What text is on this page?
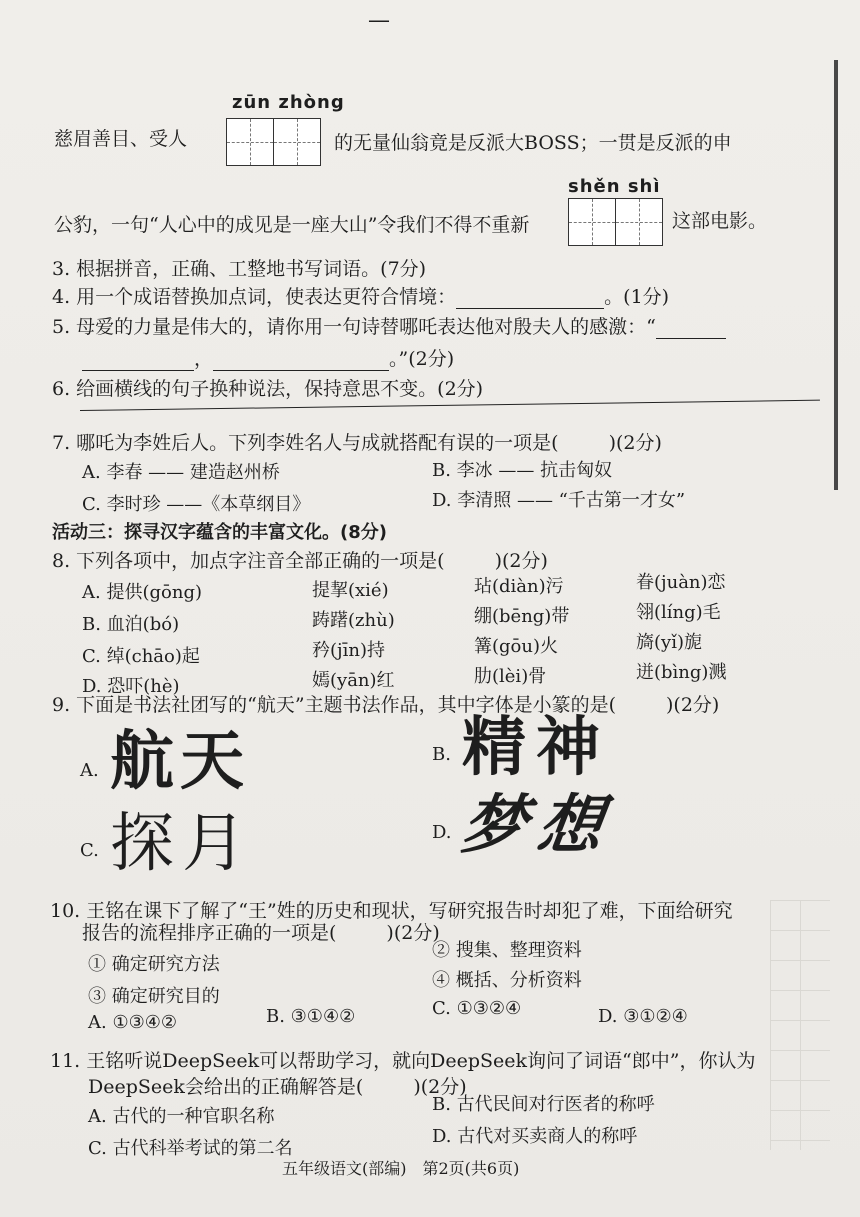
—
zūn zhòng
慈眉善目、受人	的无量仙翁竟是反派大BOSS；一贯是反派的申
shěn shì
公豹，一句“人心中的成见是一座大山”令我们不得不重新	这部电影。
3. 根据拼音，正确、工整地书写词语。(7分)
4. 用一个成语替换加点词，使表达更符合情境：	。(1分)
5. 母爱的力量是伟大的，请你用一句诗替哪吒表达他对殷夫人的感激：“
，	。”(2分)
6. 给画横线的句子换种说法，保持意思不变。(2分)
7. 哪吒为李姓后人。下列李姓名人与成就搭配有误的一项是(	)(2分)
A. 李春 —— 建造赵州桥	B. 李冰 —— 抗击匈奴
C. 李时珍 ——《本草纲目》	D. 李清照 —— “千古第一才女”
活动三：探寻汉字蕴含的丰富文化。(8分)
8. 下列各项中，加点字注音全部正确的一项是(	)(2分)
A. 提供(gōng)	提挈(xié)	玷(diàn)污	眷(juàn)恋
B. 血泊(bó)	踌躇(zhù)	绷(bēng)带	翎(líng)毛
C. 绰(chāo)起	矜(jīn)持	篝(gōu)火	旖(yǐ)旎
D. 恐吓(hè)	嫣(yān)红	肋(lèi)骨	迸(bìng)溅
9. 下面是书法社团写的“航天”主题书法作品，其中字体是小篆的是(	)(2分)
A. 航天	B. 精神
C. 探月	D. 梦想
10. 王铭在课下了解了“王”姓的历史和现状，写研究报告时却犯了难，下面给研究
报告的流程排序正确的一项是(	)(2分)
① 确定研究方法
② 搜集、整理资料
③ 确定研究目的
④ 概括、分析资料
A. ①③④②	B. ③①④②	C. ①③②④	D. ③①②④
11. 王铭听说DeepSeek可以帮助学习，就向DeepSeek询问了词语“郎中”，你认为
DeepSeek会给出的正确解答是(	)(2分)
A. 古代的一种官职名称
B. 古代民间对行医者的称呼
C. 古代科举考试的第二名
D. 古代对买卖商人的称呼
五年级语文(部编)　第2页(共6页)
